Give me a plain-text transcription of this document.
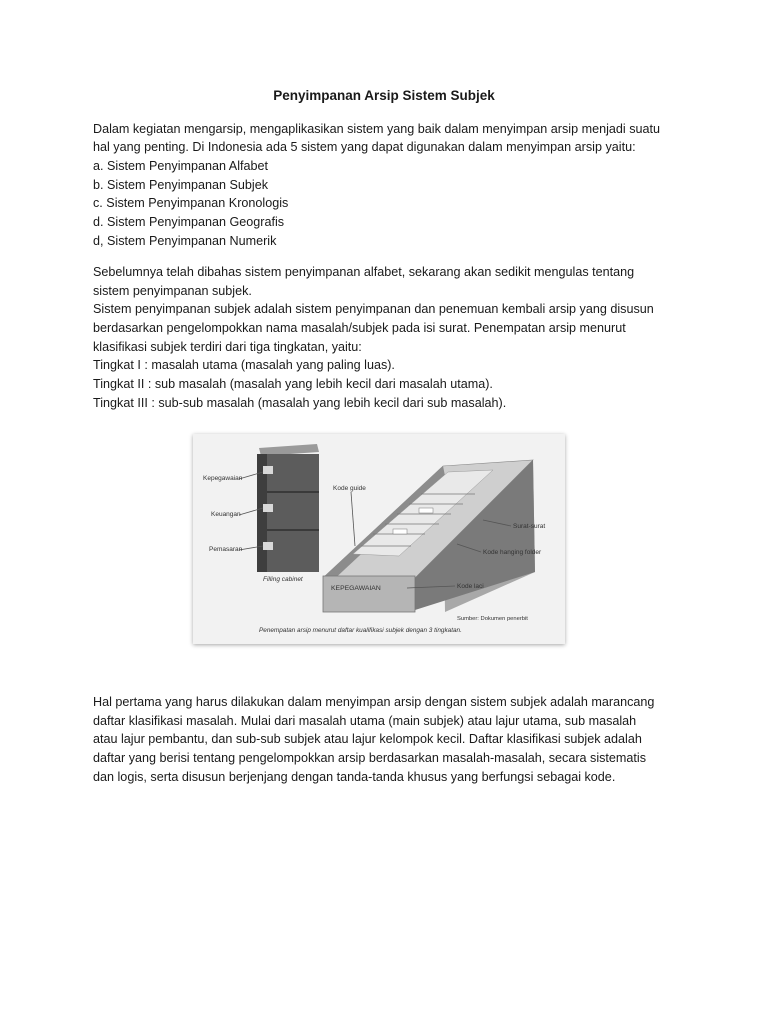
Penyimpanan Arsip Sistem Subjek
Dalam kegiatan mengarsip, mengaplikasikan sistem yang baik dalam menyimpan arsip menjadi suatu
hal yang penting. Di Indonesia ada 5 sistem yang dapat digunakan dalam menyimpan arsip yaitu:
a. Sistem Penyimpanan Alfabet
b. Sistem Penyimpanan Subjek
c. Sistem Penyimpanan Kronologis
d. Sistem Penyimpanan Geografis
d, Sistem Penyimpanan Numerik
Sebelumnya telah dibahas sistem penyimpanan alfabet, sekarang akan sedikit mengulas tentang
sistem penyimpanan subjek.
Sistem penyimpanan subjek adalah sistem penyimpanan dan penemuan kembali arsip yang disusun
berdasarkan pengelompokkan nama masalah/subjek pada isi surat. Penempatan arsip menurut
klasifikasi subjek terdiri dari tiga tingkatan, yaitu:
Tingkat I : masalah utama (masalah yang paling luas).
Tingkat II : sub masalah (masalah yang lebih kecil dari masalah utama).
Tingkat III : sub-sub masalah (masalah yang lebih kecil dari sub masalah).
Kepegawaian
Keuangan
Pemasaran
Filling cabinet
KEPEGAWAIAN
Kode guide
Surat-surat
Kode hanging folder
Kode laci
Sumber: Dokumen penerbit
Penempatan arsip menurut daftar kualifikasi subjek dengan 3 tingkatan.
Hal pertama yang harus dilakukan dalam menyimpan arsip dengan sistem subjek adalah marancang
daftar klasifikasi masalah. Mulai dari masalah utama (main subjek) atau lajur utama, sub masalah
atau lajur pembantu, dan sub-sub subjek atau lajur kelompok kecil. Daftar klasifikasi subjek adalah
daftar yang berisi tentang pengelompokkan arsip berdasarkan masalah-masalah, secara sistematis
dan logis, serta disusun berjenjang dengan tanda-tanda khusus yang berfungsi sebagai kode.
